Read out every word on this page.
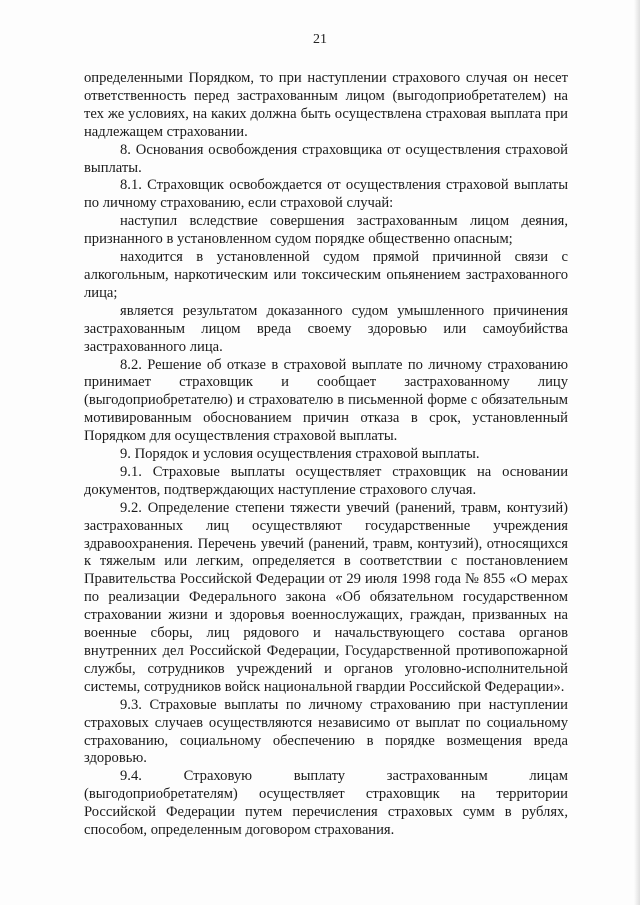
21

определенными Порядком, то при наступлении страхового случая он несет ответственность перед застрахованным лицом (выгодоприобретателем) на тех же условиях, на каких должна быть осуществлена страховая выплата при надлежащем страховании.

8. Основания освобождения страховщика от осуществления страховой выплаты.

8.1. Страховщик освобождается от осуществления страховой выплаты по личному страхованию, если страховой случай:

наступил вследствие совершения застрахованным лицом деяния, признанного в установленном судом порядке общественно опасным;

находится в установленной судом прямой причинной связи с алкогольным, наркотическим или токсическим опьянением застрахованного лица;

является результатом доказанного судом умышленного причинения застрахованным лицом вреда своему здоровью или самоубийства застрахованного лица.

8.2. Решение об отказе в страховой выплате по личному страхованию принимает страховщик и сообщает застрахованному лицу (выгодоприобретателю) и страхователю в письменной форме с обязательным мотивированным обоснованием причин отказа в срок, установленный Порядком для осуществления страховой выплаты.

9. Порядок и условия осуществления страховой выплаты.

9.1. Страховые выплаты осуществляет страховщик на основании документов, подтверждающих наступление страхового случая.

9.2. Определение степени тяжести увечий (ранений, травм, контузий) застрахованных лиц осуществляют государственные учреждения здравоохранения. Перечень увечий (ранений, травм, контузий), относящихся к тяжелым или легким, определяется в соответствии с постановлением Правительства Российской Федерации от 29 июля 1998 года № 855 «О мерах по реализации Федерального закона «Об обязательном государственном страховании жизни и здоровья военнослужащих, граждан, призванных на военные сборы, лиц рядового и начальствующего состава органов внутренних дел Российской Федерации, Государственной противопожарной службы, сотрудников учреждений и органов уголовно-исполнительной системы, сотрудников войск национальной гвардии Российской Федерации».

9.3. Страховые выплаты по личному страхованию при наступлении страховых случаев осуществляются независимо от выплат по социальному страхованию, социальному обеспечению в порядке возмещения вреда здоровью.

9.4. Страховую выплату застрахованным лицам (выгодоприобретателям) осуществляет страховщик на территории Российской Федерации путем перечисления страховых сумм в рублях, способом, определенным договором страхования.
